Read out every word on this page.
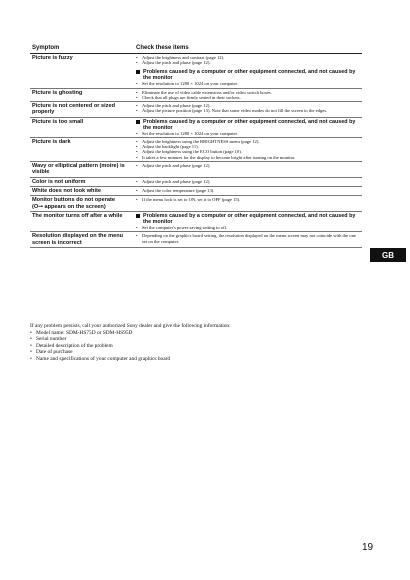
Symptom	Check these items
Picture is fuzzy	• Adjust the brightness and contrast (page 12).
• Adjust the pitch and phase (page 12).
Problems caused by a computer or other equipment connected, and not caused by the monitor
• Set the resolution to 1280 × 1024 on your computer.

Picture is ghosting	• Eliminate the use of video cable extensions and/or video switch boxes.
• Check that all plugs are firmly seated in their sockets.

Picture is not centered or sized properly	• Adjust the pitch and phase (page 12).
• Adjust the picture position (page 13). Note that some video modes do not fill the screen to the edges.

Picture is too small	Problems caused by a computer or other equipment connected, and not caused by the monitor
• Set the resolution to 1280 × 1024 on your computer.

Picture is dark	• Adjust the brightness using the BRIGHTNESS menu (page 12).
• Adjust the backlight (page 11).
• Adjust the brightness using the ECO button (page 10).
• It takes a few minutes for the display to become bright after turning on the monitor.

Wavy or elliptical pattern (moire) is visible	• Adjust the pitch and phase (page 12).

Color is not uniform	• Adjust the pitch and phase (page 12).

White does not look white	• Adjust the color temperature (page 13).

Monitor buttons do not operate
(O⊸ appears on the screen)	• If the menu lock is set to ON, set it to OFF (page 15).

The monitor turns off after a while	Problems caused by a computer or other equipment connected, and not caused by the monitor
• Set the computer's power saving setting to off.

Resolution displayed on the menu screen is incorrect	• Depending on the graphics board setting, the resolution displayed on the menu screen may not coincide with the one set on the computer.
GB
If any problem persists, call your authorized Sony dealer and give the following information:
• Model name: SDM-HS75D or SDM-HS95D
• Serial number
• Detailed description of the problem
• Date of purchase
• Name and specifications of your computer and graphics board
19
